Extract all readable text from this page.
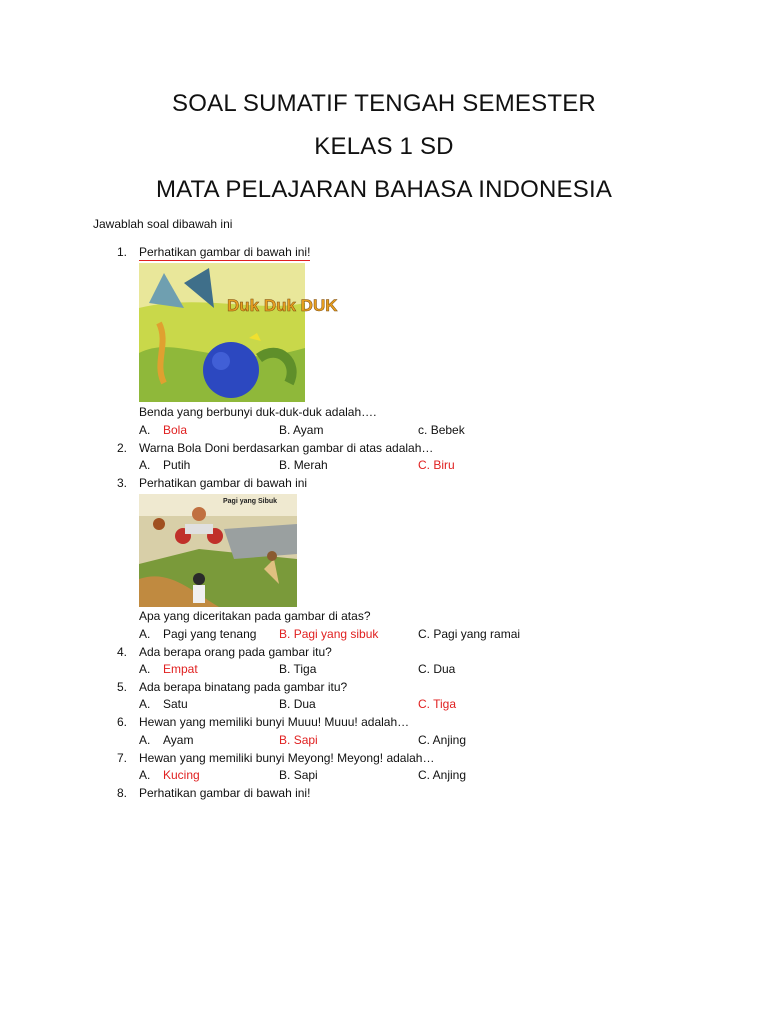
SOAL SUMATIF TENGAH SEMESTER
KELAS 1 SD
MATA PELAJARAN BAHASA INDONESIA
Jawablah soal dibawah ini
1. Perhatikan gambar di bawah ini!
Duk Duk DUK
Benda yang berbunyi duk-duk-duk adalah….
A. Bola	B. Ayam	c. Bebek
2. Warna Bola Doni berdasarkan gambar di atas adalah…
A. Putih	B. Merah	C. Biru
3. Perhatikan gambar di bawah ini
Pagi yang Sibuk
Apa yang diceritakan pada gambar di atas?
A. Pagi yang tenang B. Pagi yang sibuk	C. Pagi yang ramai
4. Ada berapa orang pada gambar itu?
A. Empat	B. Tiga	C. Dua
5. Ada berapa binatang pada gambar itu?
A. Satu	B. Dua	C. Tiga
6. Hewan yang memiliki bunyi Muuu! Muuu! adalah…
A. Ayam	B. Sapi	C. Anjing
7. Hewan yang memiliki bunyi Meyong! Meyong! adalah…
A. Kucing	B. Sapi	C. Anjing
8. Perhatikan gambar di bawah ini!
